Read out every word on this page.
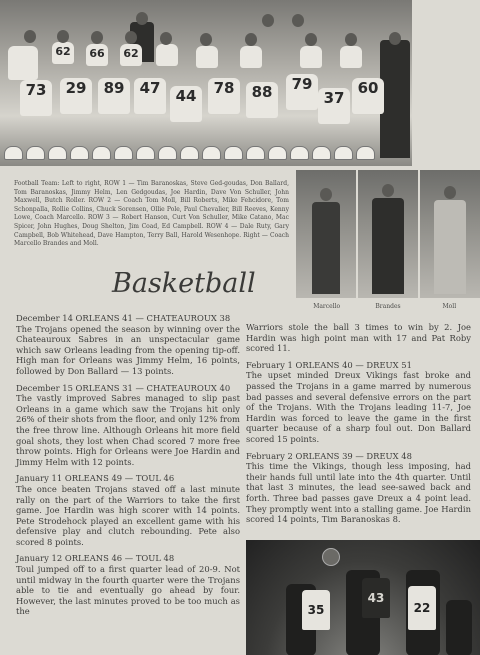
62	66	62
73	29	89	47	44	78	88	79
37
60
Football Team: Left to right, ROW 1 — Tim Baranoskas, Steve Ged-goudas, Don Ballard, Tom Baranoskas, Jimmy Helm, Len Gedgoudas, Joe Hardin, Dave Von Schuller, John Maxwell, Butch Roller. ROW 2 — Coach Tom Moll, Bill Roberts, Mike Fehcidore, Tom Schonpalla, Rollie Collins, Chuck Sorensen, Ollie Pole, Paul Chevalier, Bill Reeves, Kenny Lowe, Coach Marcello. ROW 3 — Robert Hanson, Curt Von Schuller, Mike Catano, Mac Spicer, John Hughes, Doug Shelton, Jim Coad, Ed Campbell. ROW 4 — Dale Ruty, Gary Campbell, Bob Whitehead, Dave Hampton, Terry Ball, Harold Wesenhope. Right — Coach Marcello Brandes and Moll.
Marcello	Brandes	Moll
Basketball

December 14 ORLEANS 41 — CHATEAUROUX 38

The Trojans opened the season by winning over the Chateauroux Sabres in an unspectacular game which saw Orleans leading from the opening tip-off. High man for Orleans was Jimmy Helm, 16 points, followed by Don Ballard — 13 points.

December 15 ORLEANS 31 — CHATEAUROUX 40

The vastly improved Sabres managed to slip past Orleans in a game which saw the Trojans hit only 26% of their shots from the floor, and only 12% from the free throw line. Although Orleans hit more field goal shots, they lost when Chad scored 7 more free throw points. High for Orleans were Joe Hardin and Jimmy Helm with 12 points.

January 11 ORLEANS 49 — TOUL 46

The once beaten Trojans staved off a last minute rally on the part of the Warriors to take the first game. Joe Hardin was high scorer with 14 points. Pete Strodehock played an excellent game with his defensive play and clutch rebounding. Pete also scored 8 points.

January 12 ORLEANS 46 — TOUL 48

Toul jumped off to a first quarter lead of 20-9. Not until midway in the fourth quarter were the Trojans able to tie and eventually go ahead by four. However, the last minutes proved to be too much as the

Warriors stole the ball 3 times to win by 2. Joe Hardin was high point man with 17 and Pat Roby scored 11.

February 1 ORLEANS 40 — DREUX 51

The upset minded Dreux Vikings fast broke and passed the Trojans in a game marred by numerous bad passes and several defensive errors on the part of the Trojans. With the Trojans leading 11-7, Joe Hardin was forced to leave the game in the first quarter because of a sharp foul out. Don Ballard scored 15 points.

February 2 ORLEANS 39 — DREUX 48

This time the Vikings, though less imposing, had their hands full until late into the 4th quarter. Until that last 3 minutes, the lead see-sawed back and forth. Three bad passes gave Dreux a 4 point lead. They promptly went into a stalling game. Joe Hardin scored 14 points, Tim Baranoskas 8.

35
43
22
